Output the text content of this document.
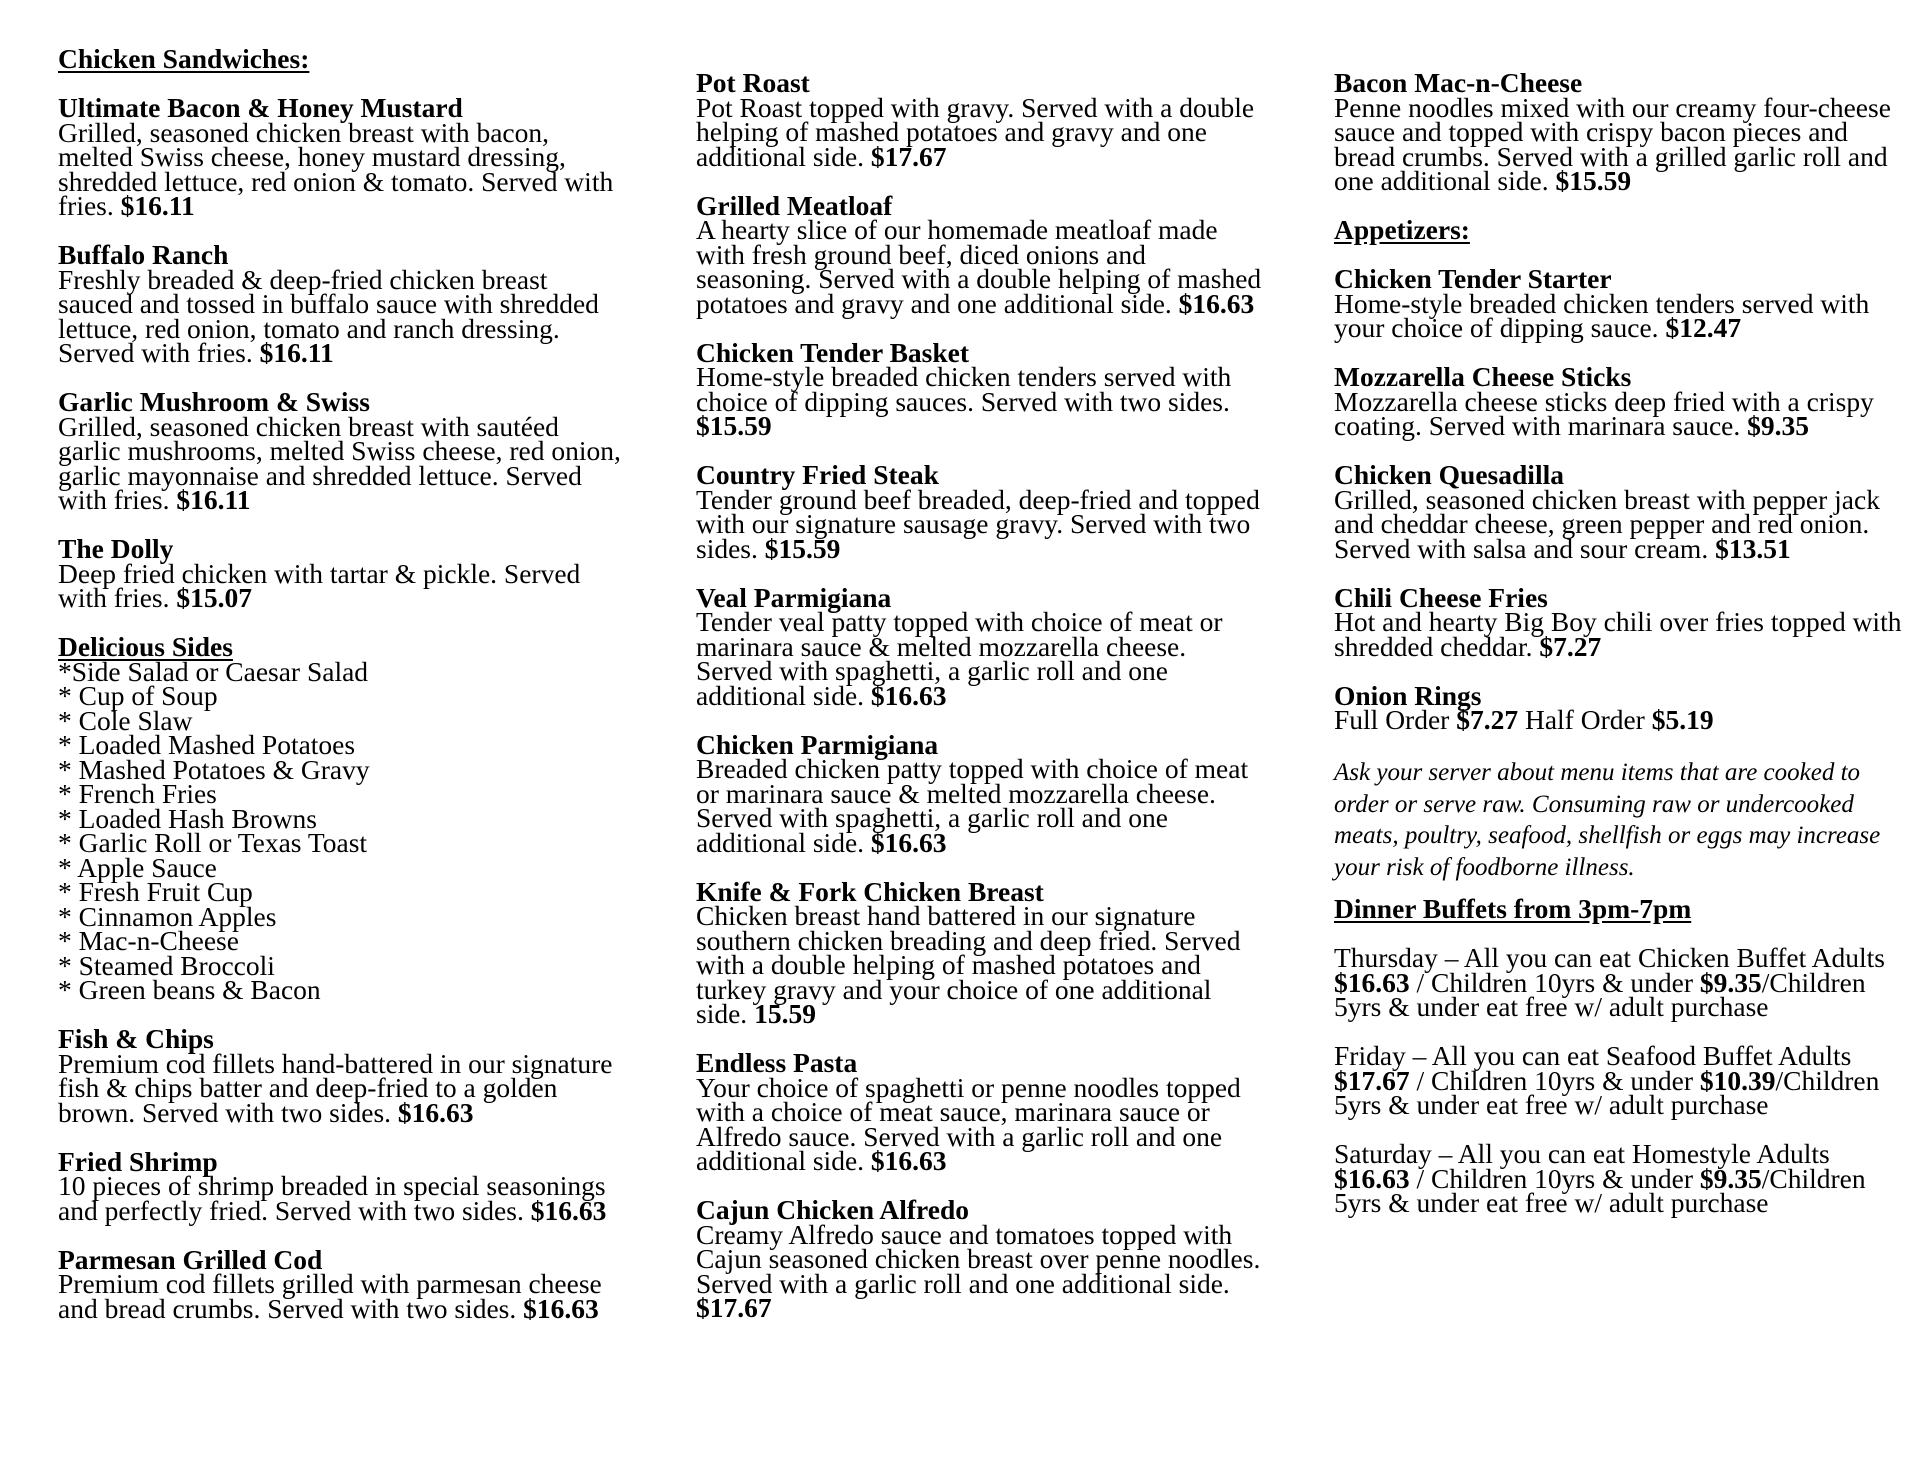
Chicken Sandwiches:
Ultimate Bacon & Honey Mustard
Grilled, seasoned chicken breast with bacon, melted Swiss cheese, honey mustard dressing, shredded lettuce, red onion & tomato. Served with fries. $16.11
Buffalo Ranch
Freshly breaded & deep-fried chicken breast sauced and tossed in buffalo sauce with shredded lettuce, red onion, tomato and ranch dressing. Served with fries. $16.11
Garlic Mushroom & Swiss
Grilled, seasoned chicken breast with sautéed garlic mushrooms, melted Swiss cheese, red onion, garlic mayonnaise and shredded lettuce. Served with fries. $16.11
The Dolly
Deep fried chicken with tartar & pickle. Served with fries. $15.07
Delicious Sides
*Side Salad or Caesar Salad
* Cup of Soup
* Cole Slaw
* Loaded Mashed Potatoes
* Mashed Potatoes & Gravy
* French Fries
* Loaded Hash Browns
* Garlic Roll or Texas Toast
* Apple Sauce
* Fresh Fruit Cup
* Cinnamon Apples
* Mac-n-Cheese
* Steamed Broccoli
* Green beans & Bacon
Fish & Chips
Premium cod fillets hand-battered in our signature fish & chips batter and deep-fried to a golden brown. Served with two sides. $16.63
Fried Shrimp
10 pieces of shrimp breaded in special seasonings and perfectly fried. Served with two sides. $16.63
Parmesan Grilled Cod
Premium cod fillets grilled with parmesan cheese and bread crumbs. Served with two sides. $16.63
Pot Roast
Pot Roast topped with gravy. Served with a double helping of mashed potatoes and gravy and one additional side. $17.67
Grilled Meatloaf
A hearty slice of our homemade meatloaf made with fresh ground beef, diced onions and seasoning. Served with a double helping of mashed potatoes and gravy and one additional side. $16.63
Chicken Tender Basket
Home-style breaded chicken tenders served with choice of dipping sauces. Served with two sides. $15.59
Country Fried Steak
Tender ground beef breaded, deep-fried and topped with our signature sausage gravy. Served with two sides. $15.59
Veal Parmigiana
Tender veal patty topped with choice of meat or marinara sauce & melted mozzarella cheese. Served with spaghetti, a garlic roll and one additional side. $16.63
Chicken Parmigiana
Breaded chicken patty topped with choice of meat or marinara sauce & melted mozzarella cheese. Served with spaghetti, a garlic roll and one additional side. $16.63
Knife & Fork Chicken Breast
Chicken breast hand battered in our signature southern chicken breading and deep fried. Served with a double helping of mashed potatoes and turkey gravy and your choice of one additional side. 15.59
Endless Pasta
Your choice of spaghetti or penne noodles topped with a choice of meat sauce, marinara sauce or Alfredo sauce. Served with a garlic roll and one additional side. $16.63
Cajun Chicken Alfredo
Creamy Alfredo sauce and tomatoes topped with Cajun seasoned chicken breast over penne noodles. Served with a garlic roll and one additional side. $17.67
Bacon Mac-n-Cheese
Penne noodles mixed with our creamy four-cheese sauce and topped with crispy bacon pieces and bread crumbs. Served with a grilled garlic roll and one additional side. $15.59
Appetizers:
Chicken Tender Starter
Home-style breaded chicken tenders served with your choice of dipping sauce. $12.47
Mozzarella Cheese Sticks
Mozzarella cheese sticks deep fried with a crispy coating. Served with marinara sauce. $9.35
Chicken Quesadilla
Grilled, seasoned chicken breast with pepper jack and cheddar cheese, green pepper and red onion. Served with salsa and sour cream. $13.51
Chili Cheese Fries
Hot and hearty Big Boy chili over fries topped with shredded cheddar. $7.27
Onion Rings
Full Order $7.27 Half Order $5.19
Ask your server about menu items that are cooked to order or serve raw. Consuming raw or undercooked meats, poultry, seafood, shellfish or eggs may increase your risk of foodborne illness.
Dinner Buffets from 3pm-7pm
Thursday – All you can eat Chicken Buffet Adults $16.63 / Children 10yrs & under $9.35/Children 5yrs & under eat free w/ adult purchase
Friday – All you can eat Seafood Buffet Adults $17.67 / Children 10yrs & under $10.39/Children 5yrs & under eat free w/ adult purchase
Saturday – All you can eat Homestyle Adults $16.63 / Children 10yrs & under $9.35/Children 5yrs & under eat free w/ adult purchase
